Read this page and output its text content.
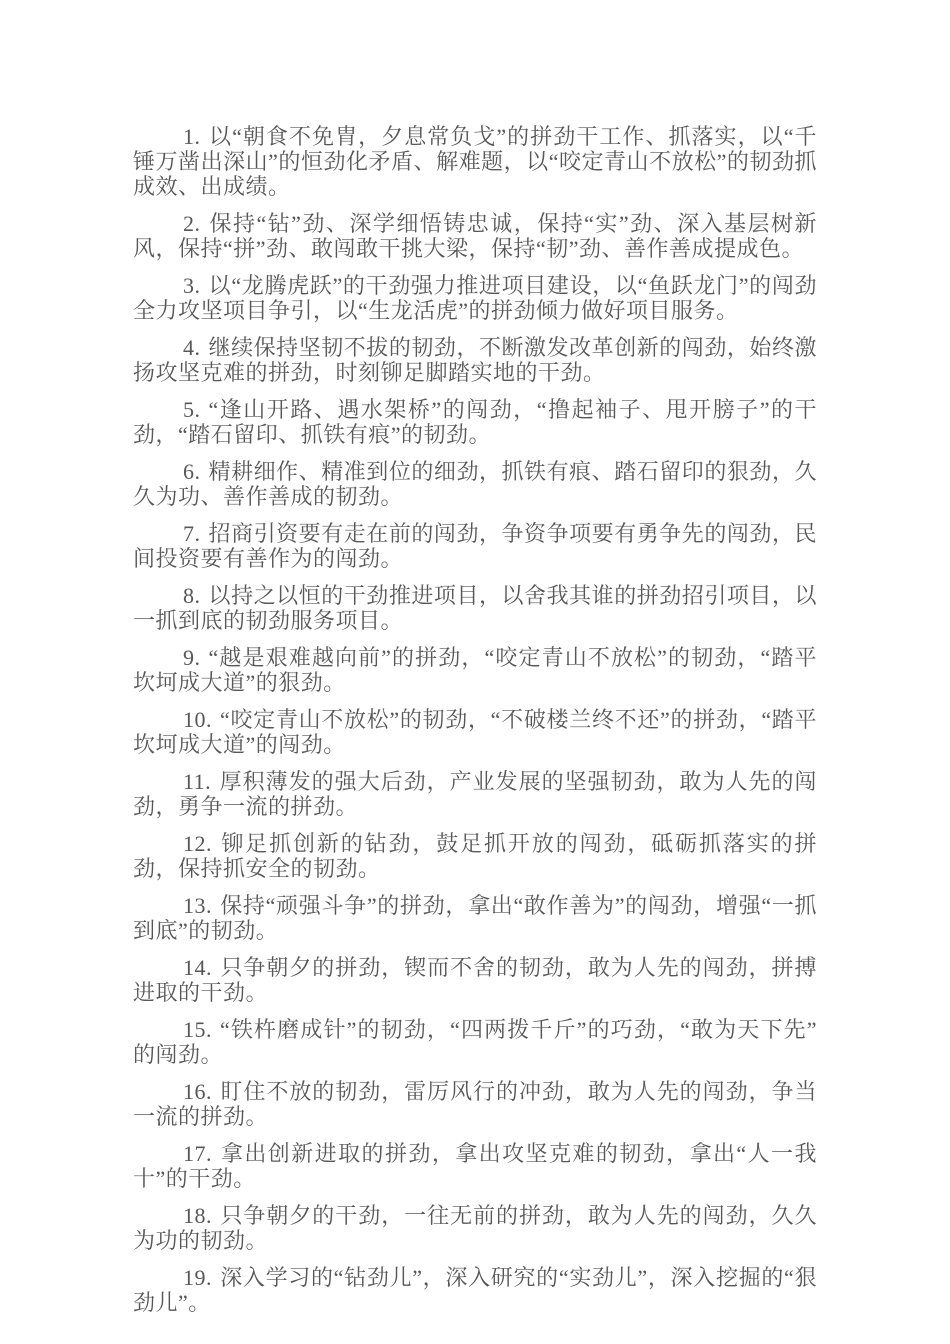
1. 以“朝食不免胄，夕息常负戈”的拼劲干工作、抓落实，以“千锤万凿出深山”的恒劲化矛盾、解难题，以“咬定青山不放松”的韧劲抓成效、出成绩。

2. 保持“钻”劲、深学细悟铸忠诚，保持“实”劲、深入基层树新风，保持“拼”劲、敢闯敢干挑大梁，保持“韧”劲、善作善成提成色。

3. 以“龙腾虎跃”的干劲强力推进项目建设，以“鱼跃龙门”的闯劲全力攻坚项目争引，以“生龙活虎”的拼劲倾力做好项目服务。

4. 继续保持坚韧不拔的韧劲，不断激发改革创新的闯劲，始终激扬攻坚克难的拼劲，时刻铆足脚踏实地的干劲。

5. “逢山开路、遇水架桥”的闯劲，“撸起袖子、甩开膀子”的干劲，“踏石留印、抓铁有痕”的韧劲。

6. 精耕细作、精准到位的细劲，抓铁有痕、踏石留印的狠劲，久久为功、善作善成的韧劲。

7. 招商引资要有走在前的闯劲，争资争项要有勇争先的闯劲，民间投资要有善作为的闯劲。

8. 以持之以恒的干劲推进项目，以舍我其谁的拼劲招引项目，以一抓到底的韧劲服务项目。

9. “越是艰难越向前”的拼劲，“咬定青山不放松”的韧劲，“踏平坎坷成大道”的狠劲。

10. “咬定青山不放松”的韧劲，“不破楼兰终不还”的拼劲，“踏平坎坷成大道”的闯劲。

11. 厚积薄发的强大后劲，产业发展的坚强韧劲，敢为人先的闯劲，勇争一流的拼劲。

12. 铆足抓创新的钻劲，鼓足抓开放的闯劲，砥砺抓落实的拼劲，保持抓安全的韧劲。

13. 保持“顽强斗争”的拼劲，拿出“敢作善为”的闯劲，增强“一抓到底”的韧劲。

14. 只争朝夕的拼劲，锲而不舍的韧劲，敢为人先的闯劲，拼搏进取的干劲。

15. “铁杵磨成针”的韧劲，“四两拨千斤”的巧劲，“敢为天下先”的闯劲。

16. 盯住不放的韧劲，雷厉风行的冲劲，敢为人先的闯劲，争当一流的拼劲。

17. 拿出创新进取的拼劲，拿出攻坚克难的韧劲，拿出“人一我十”的干劲。

18. 只争朝夕的干劲，一往无前的拼劲，敢为人先的闯劲，久久为功的韧劲。

19. 深入学习的“钻劲儿”，深入研究的“实劲儿”，深入挖掘的“狠劲儿”。
